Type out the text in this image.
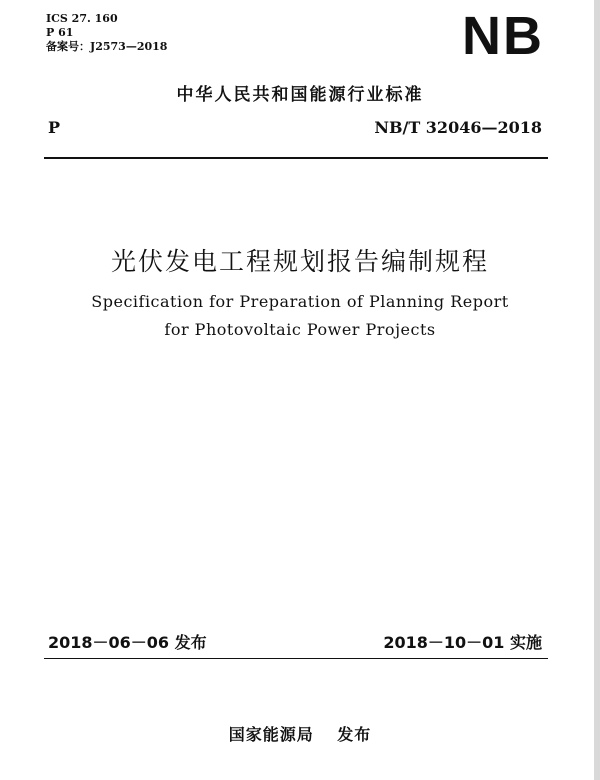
ICS 27. 160
P 61
备案号：J2573—2018	NB
中华人民共和国能源行业标准
P	NB/T 32046—2018
光伏发电工程规划报告编制规程
Specification for Preparation of Planning Report
for Photovoltaic Power Projects
2018－06－06 发布	2018－10－01 实施
国家能源局　 发布
